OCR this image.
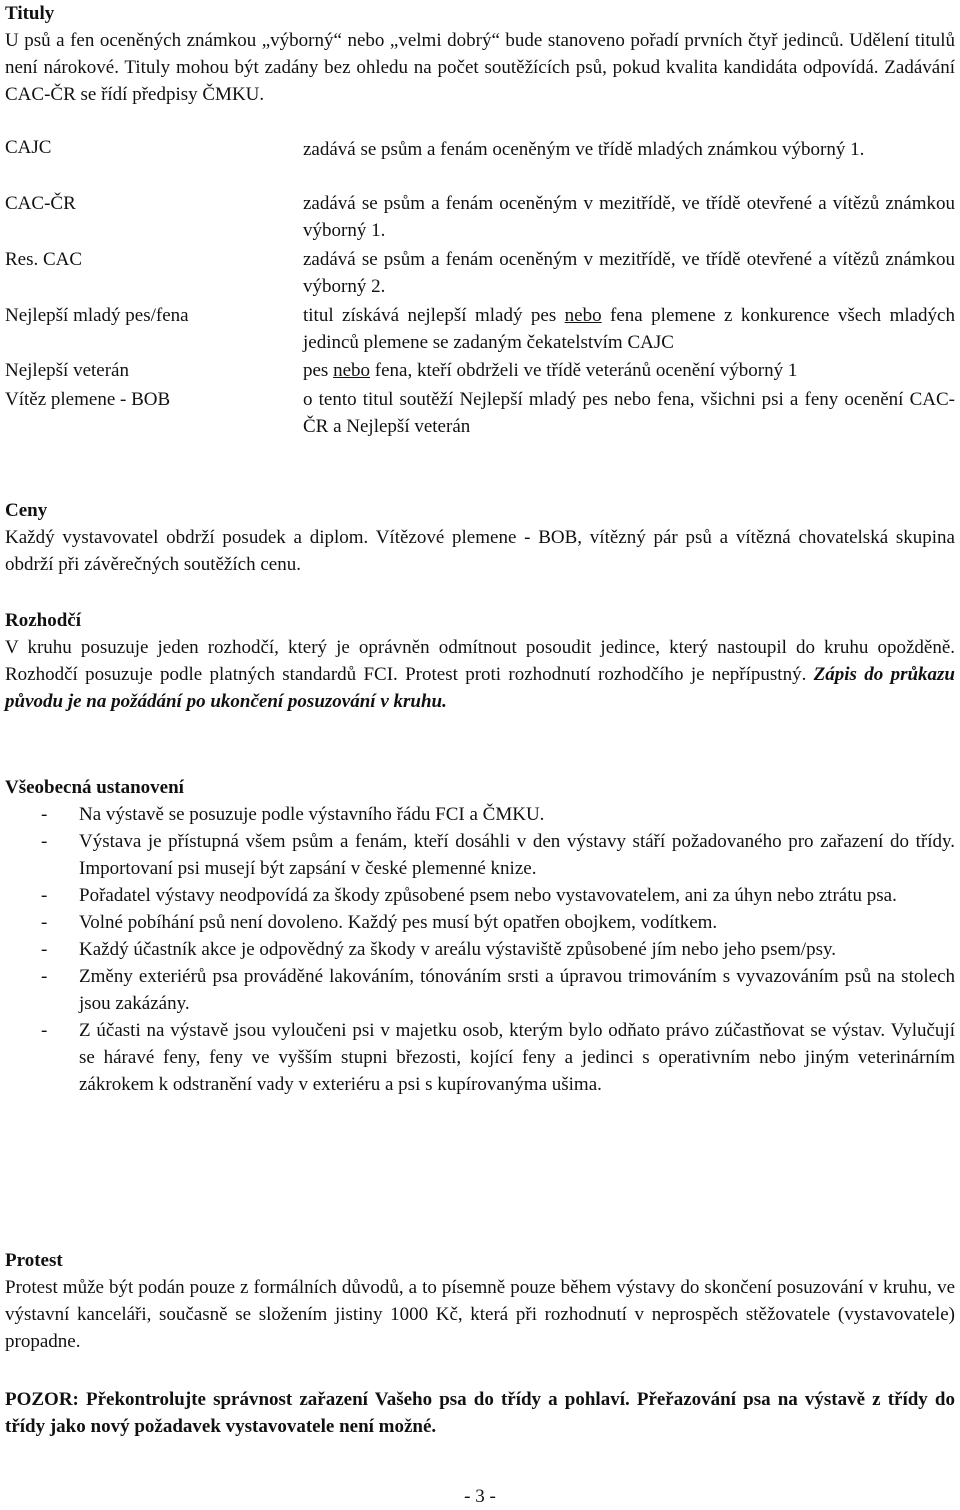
Tituly

U psů a fen oceněných známkou „výborný“ nebo „velmi dobrý“ bude stanoveno pořadí prvních čtyř jedinců. Udělení titulů není nárokové. Tituly mohou být zadány bez ohledu na počet soutěžících psů, pokud kvalita kandidáta odpovídá. Zadávání CAC-ČR se řídí předpisy ČMKU.

CAJC	zadává se psům a fenám oceněným ve třídě mladých známkou výborný 1.
CAC-ČR	zadává se psům a fenám oceněným v mezitřídě, ve třídě otevřené a vítězů známkou výborný 1.
Res. CAC	zadává se psům a fenám oceněným v mezitřídě, ve třídě otevřené a vítězů známkou výborný 2.
Nejlepší mladý pes/fena	titul získává nejlepší mladý pes nebo fena plemene z konkurence všech mladých jedinců plemene se zadaným čekatelstvím CAJC
Nejlepší veterán	pes nebo fena, kteří obdrželi ve třídě veteránů ocenění výborný 1
Vítěz plemene - BOB	o tento titul soutěží Nejlepší mladý pes nebo fena, všichni psi a feny ocenění CAC-ČR a Nejlepší veterán
Ceny

Každý vystavovatel obdrží posudek a diplom. Vítězové plemene - BOB, vítězný pár psů a vítězná chovatelská skupina obdrží při závěrečných soutěžích cenu.

Rozhodčí

V kruhu posuzuje jeden rozhodčí, který je oprávněn odmítnout posoudit jedince, který nastoupil do kruhu opožděně. Rozhodčí posuzuje podle platných standardů FCI. Protest proti rozhodnutí rozhodčího je nepřípustný. Zápis do průkazu původu je na požádání po ukončení posuzování v kruhu.

Všeobecná ustanovení
- Na výstavě se posuzuje podle výstavního řádu FCI a ČMKU.
- Výstava je přístupná všem psům a fenám, kteří dosáhli v den výstavy stáří požadovaného pro zařazení do třídy. Importovaní psi musejí být zapsání v české plemenné knize.
- Pořadatel výstavy neodpovídá za škody způsobené psem nebo vystavovatelem, ani za úhyn nebo ztrátu psa.
- Volné pobíhání psů není dovoleno. Každý pes musí být opatřen obojkem, vodítkem.
- Každý účastník akce je odpovědný za škody v areálu výstaviště způsobené jím nebo jeho psem/psy.
- Změny exteriérů psa prováděné lakováním, tónováním srsti a úpravou trimováním s vyvazováním psů na stolech jsou zakázány.
- Z účasti na výstavě jsou vyloučeni psi v majetku osob, kterým bylo odňato právo zúčastňovat se výstav. Vylučují se háravé feny, feny ve vyšším stupni březosti, kojící feny a jedinci s operativním nebo jiným veterinárním zákrokem k odstranění vady v exteriéru a psi s kupírovanýma ušima.
Protest

Protest může být podán pouze z formálních důvodů, a to písemně pouze během výstavy do skončení posuzování v kruhu, ve výstavní kanceláři, současně se složením jistiny 1000 Kč, která při rozhodnutí v neprospěch stěžovatele (vystavovatele) propadne.

POZOR: Překontrolujte správnost zařazení Vašeho psa do třídy a pohlaví. Přeřazování psa na výstavě z třídy do třídy jako nový požadavek vystavovatele není možné.

- 3 -
